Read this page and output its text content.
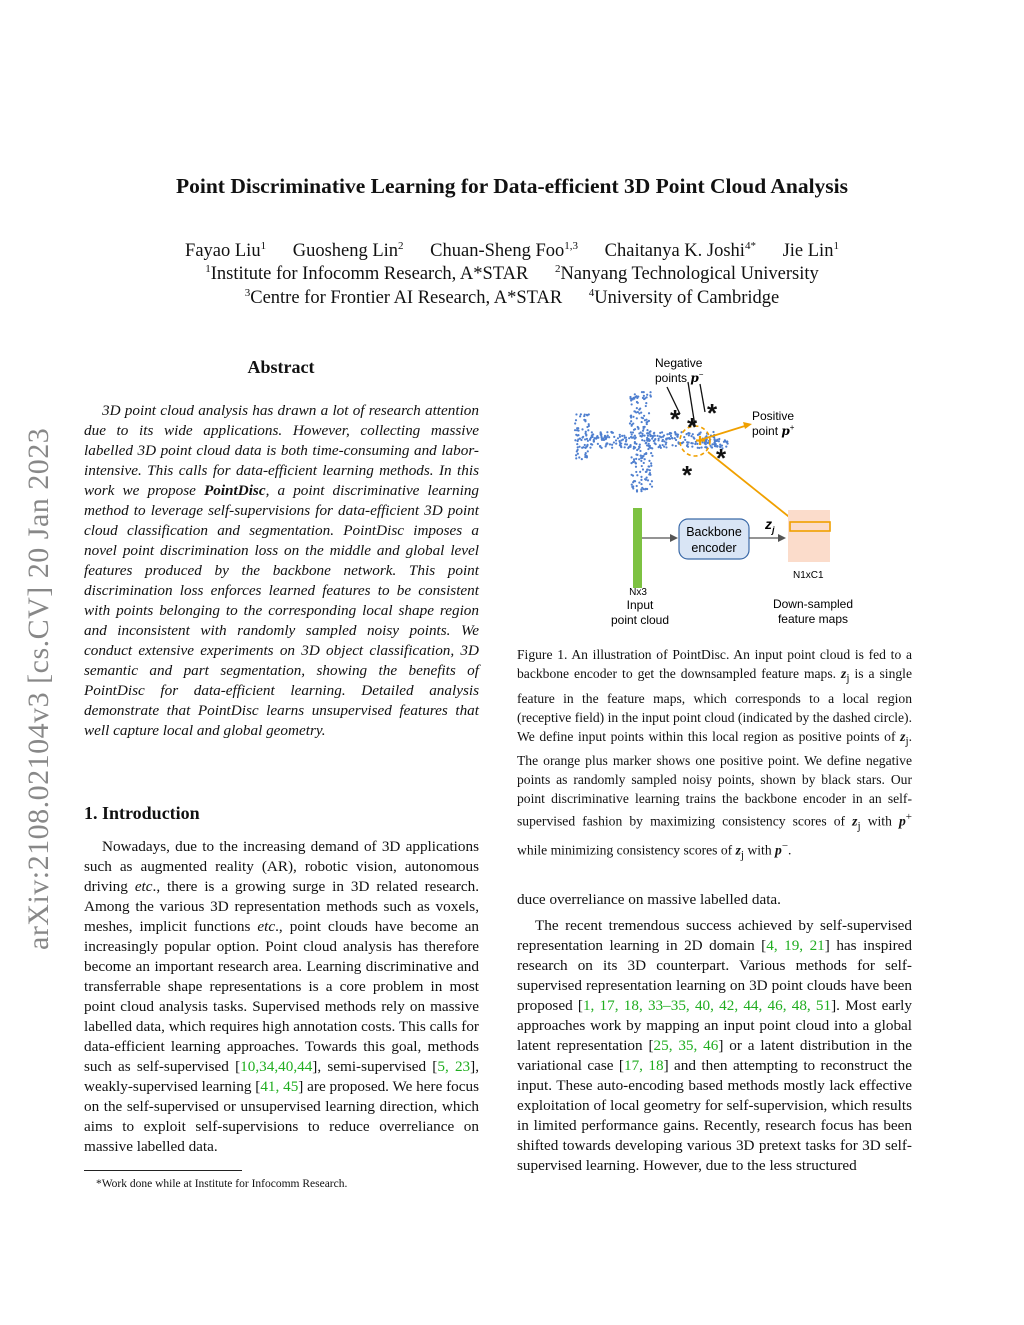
arXiv:2108.02104v3 [cs.CV] 20 Jan 2023
Point Discriminative Learning for Data-efficient 3D Point Cloud Analysis
Fayao Liu$^1$ Guosheng Lin$^2$ Chuan-Sheng Foo$^{1,3}$ Chaitanya K. Joshi$^{4*}$ Jie Lin$^1$
$^1$Institute for Infocomm Research, A*STAR $^2$Nanyang Technological University
$^3$Centre for Frontier AI Research, A*STAR $^4$University of Cambridge
Abstract
3D point cloud analysis has drawn a lot of research attention due to its wide applications. However, collecting massive labelled 3D point cloud data is both time-consuming and labor-intensive. This calls for data-efficient learning methods. In this work we propose PointDisc, a point discriminative learning method to leverage self-supervisions for data-efficient 3D point cloud classification and segmentation. PointDisc imposes a novel point discrimination loss on the middle and global level features produced by the backbone network. This point discrimination loss enforces learned features to be consistent with points belonging to the corresponding local shape region and inconsistent with randomly sampled noisy points. We conduct extensive experiments on 3D object classification, 3D semantic and part segmentation, showing the benefits of PointDisc for data-efficient learning. Detailed analysis demonstrate that PointDisc learns unsupervised features that well capture local and global geometry.
1. Introduction
Nowadays, due to the increasing demand of 3D applications such as augmented reality (AR), robotic vision, autonomous driving etc., there is a growing surge in 3D related research. Among the various 3D representation methods such as voxels, meshes, implicit functions etc., point clouds have become an increasingly popular option. Point cloud analysis has therefore become an important research area. Learning discriminative and transferrable shape representations is a core problem in most point cloud analysis tasks. Supervised methods rely on massive labelled data, which requires high annotation costs. This calls for data-efficient learning approaches. Towards this goal, methods such as self-supervised [10,34,40,44], semi-supervised [5, 23], weakly-supervised learning [41, 45] are proposed. We here focus on the self-supervised or unsupervised learning direction, which aims to exploit self-supervisions to reduce overreliance on massive labelled data.
*Work done while at Institute for Infocomm Research.
* * *
*
*
Negative
points p−
Positive
point p+
Backbone
encoder
$z_j$
N1xC1
Nx3
Input
point cloud
Down-sampled
feature maps
Figure 1. An illustration of PointDisc. An input point cloud is fed to a backbone encoder to get the downsampled feature maps. $z_j$ is a single feature in the feature maps, which corresponds to a local region (receptive field) in the input point cloud (indicated by the dashed circle). We define input points within this local region as positive points of $z_j$. The orange plus marker shows one positive point. We define negative points as randomly sampled noisy points, shown by black stars. Our point discriminative learning trains the backbone encoder in an self-supervised fashion by maximizing consistency scores of $z_j$ with p+ while minimizing consistency scores of $z_j$ with p−.
duce overreliance on massive labelled data.
The recent tremendous success achieved by self-supervised representation learning in 2D domain [4, 19, 21] has inspired research on its 3D counterpart. Various methods for self-supervised representation learning on 3D point clouds have been proposed [1, 17, 18, 33–35, 40, 42, 44, 46, 48, 51]. Most early approaches work by mapping an input point cloud into a global latent representation [25, 35, 46] or a latent distribution in the variational case [17, 18] and then attempting to reconstruct the input. These auto-encoding based methods mostly lack effective exploitation of local geometry for self-supervision, which results in limited performance gains. Recently, research focus has been shifted towards developing various 3D pretext tasks for 3D self-supervised learning. However, due to the less structured
